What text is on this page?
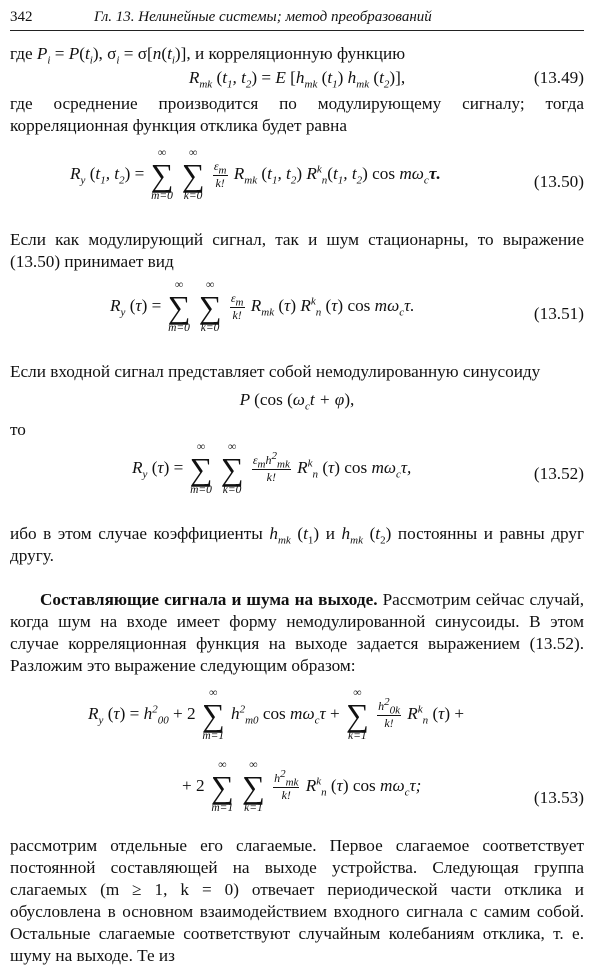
342	Гл. 13. Нелинейные системы; метод преобразований

где $P_i = P(t_i)$, $\sigma_i = \sigma[n(t_i)]$, и корреляционную функцию

$R_{mk}$ ($t_1$, $t_2) = E$ [$h_{mk}$ $(t_1)$ $h_{mk}$ $(t_2)$],	(13.49)

где осреднение производится по модулирующему сигналу; тогда корреляционная функция отклика будет равна

$R_y$ ($t_1$, $t_2$) =
∞
∑
m=0

∞
∑
k=0

$\frac{\varepsilon_m}{k!} R_{mk}$ ($t_1$, $t_2$) $R^k_n(t_1$, $t_2$) $\cos m\omega_c\tau$.	(13.50)

Если как модулирующий сигнал, так и шум стационарны, то выражение (13.50) принимает вид

$R_y$ (τ) =
∞
∑
m=0

∞
∑
k=0

$\frac{\varepsilon_m}{k!} R_{mk}$ (τ) $R^k_n$ (τ) $\cos m\omega_c\tau$.	(13.51)

Если входной сигнал представляет собой немодулированную синусоиду

P (cos $(\omega_ct + \varphi)$,

то

$R_y$ (τ) =
∞
∑
m=0

∞
∑
k=0

$\frac{\varepsilon_mh^2_{mk}}{k!} R^k_n$ (τ) $\cos m\omega_c\tau$,	(13.52)

ибо в этом случае коэффициенты $h_{mk}$ $(t_1)$ и $h_{mk}$ $(t_2)$ постоянны и равны друг другу.

Составляющие сигнала и шума на выходе. Рассмотрим сейчас случай, когда шум на входе имеет форму немодулированной синусоиды. В этом случае корреляционная функция на выходе задается выражением (13.52). Разложим это выражение следующим образом:

$R_y$ $(\tau) = h^2_{00} + 2$
∞
∑
m=1
$h^2_{m0}$ $\cos m\omega_c\tau$ +
∞
∑
k=1

$\frac{h^2_{0k}}{k!} R^k_n$ (τ) +
+ 2
∞
∑
m=1

∞
∑
k=1

$\frac{h^2_{mk}}{k!} R^k_n$ (τ) $\cos m\omega_c\tau$;
(13.53)

рассмотрим отдельные его слагаемые. Первое слагаемое соответствует постоянной составляющей на выходе устройства. Следующая группа слагаемых (m ≥ 1, k = 0) отвечает периодической части отклика и обусловлена в основном взаимодействием входного сигнала с самим собой. Остальные слагаемые соответствуют случайным колебаниям отклика, т. е. шуму на выходе. Те из
